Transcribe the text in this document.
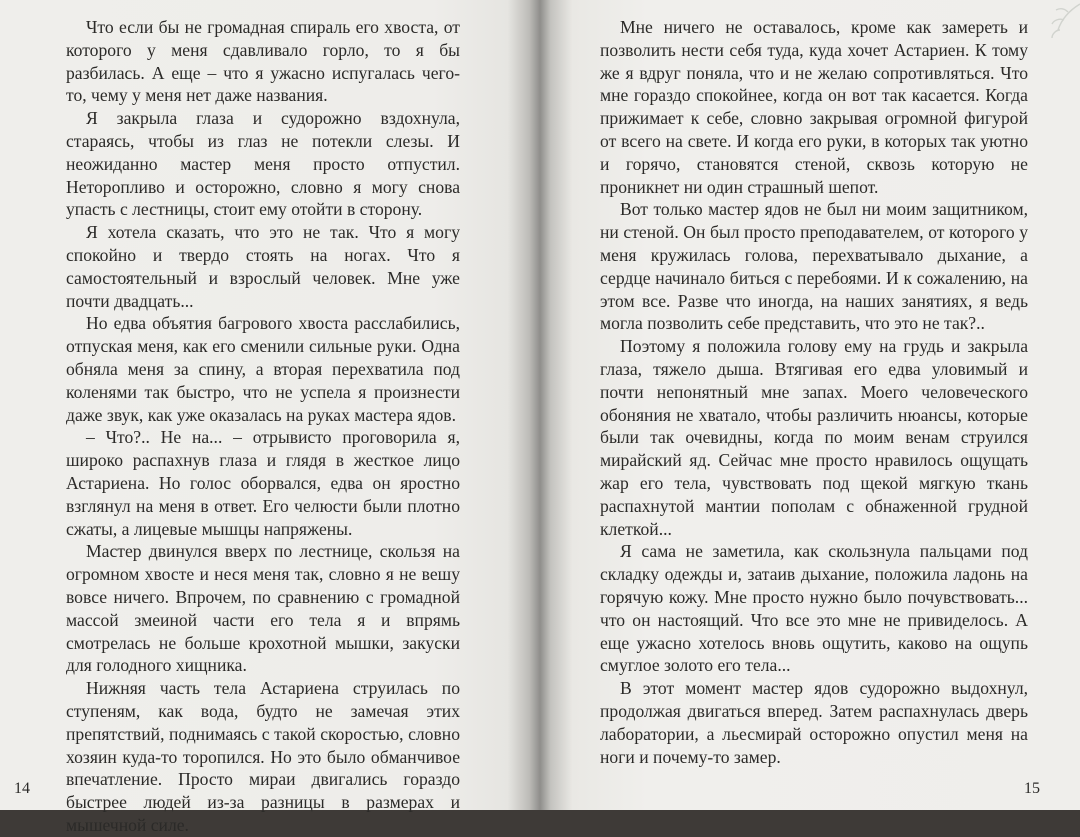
Что если бы не громадная спираль его хвоста, от которого у меня сдавливало горло, то я бы разбилась. А еще – что я ужасно испугалась чего-то, чему у меня нет даже названия.

Я закрыла глаза и судорожно вздохнула, стараясь, чтобы из глаз не потекли слезы. И неожиданно мастер меня просто отпустил. Неторопливо и осторожно, словно я могу снова упасть с лестницы, стоит ему отойти в сторону.

Я хотела сказать, что это не так. Что я могу спокойно и твердо стоять на ногах. Что я самостоятельный и взрослый человек. Мне уже почти двадцать...

Но едва объятия багрового хвоста расслабились, отпуская меня, как его сменили сильные руки. Одна обняла меня за спину, а вторая перехватила под коленями так быстро, что не успела я произнести даже звук, как уже оказалась на руках мастера ядов.

– Что?.. Не на... – отрывисто проговорила я, широко распахнув глаза и глядя в жесткое лицо Астариена. Но голос оборвался, едва он яростно взглянул на меня в ответ. Его челюсти были плотно сжаты, а лицевые мышцы напряжены.

Мастер двинулся вверх по лестнице, скользя на огромном хвосте и неся меня так, словно я не вешу вовсе ничего. Впрочем, по сравнению с громадной массой змеиной части его тела я и впрямь смотрелась не больше крохотной мышки, закуски для голодного хищника.

Нижняя часть тела Астариена струилась по ступеням, как вода, будто не замечая этих препятствий, поднимаясь с такой скоростью, словно хозяин куда-то торопился. Но это было обманчивое впечатление. Просто мираи двигались гораздо быстрее людей из-за разницы в размерах и мышечной силе.

14

Мне ничего не оставалось, кроме как замереть и позволить нести себя туда, куда хочет Астариен. К тому же я вдруг поняла, что и не желаю сопротивляться. Что мне гораздо спокойнее, когда он вот так касается. Когда прижимает к себе, словно закрывая огромной фигурой от всего на свете. И когда его руки, в которых так уютно и горячо, становятся стеной, сквозь которую не проникнет ни один страшный шепот.

Вот только мастер ядов не был ни моим защитником, ни стеной. Он был просто преподавателем, от которого у меня кружилась голова, перехватывало дыхание, а сердце начинало биться с перебоями. И к сожалению, на этом все. Разве что иногда, на наших занятиях, я ведь могла позволить себе представить, что это не так?..

Поэтому я положила голову ему на грудь и закрыла глаза, тяжело дыша. Втягивая его едва уловимый и почти непонятный мне запах. Моего человеческого обоняния не хватало, чтобы различить нюансы, которые были так очевидны, когда по моим венам струился мирайский яд. Сейчас мне просто нравилось ощущать жар его тела, чувствовать под щекой мягкую ткань распахнутой мантии пополам с обнаженной грудной клеткой...

Я сама не заметила, как скользнула пальцами под складку одежды и, затаив дыхание, положила ладонь на горячую кожу. Мне просто нужно было почувствовать... что он настоящий. Что все это мне не привиделось. А еще ужасно хотелось вновь ощутить, каково на ощупь смуглое золото его тела...

В этот момент мастер ядов судорожно выдохнул, продолжая двигаться вперед. Затем распахнулась дверь лаборатории, а льесмирай осторожно опустил меня на ноги и почему-то замер.

15
